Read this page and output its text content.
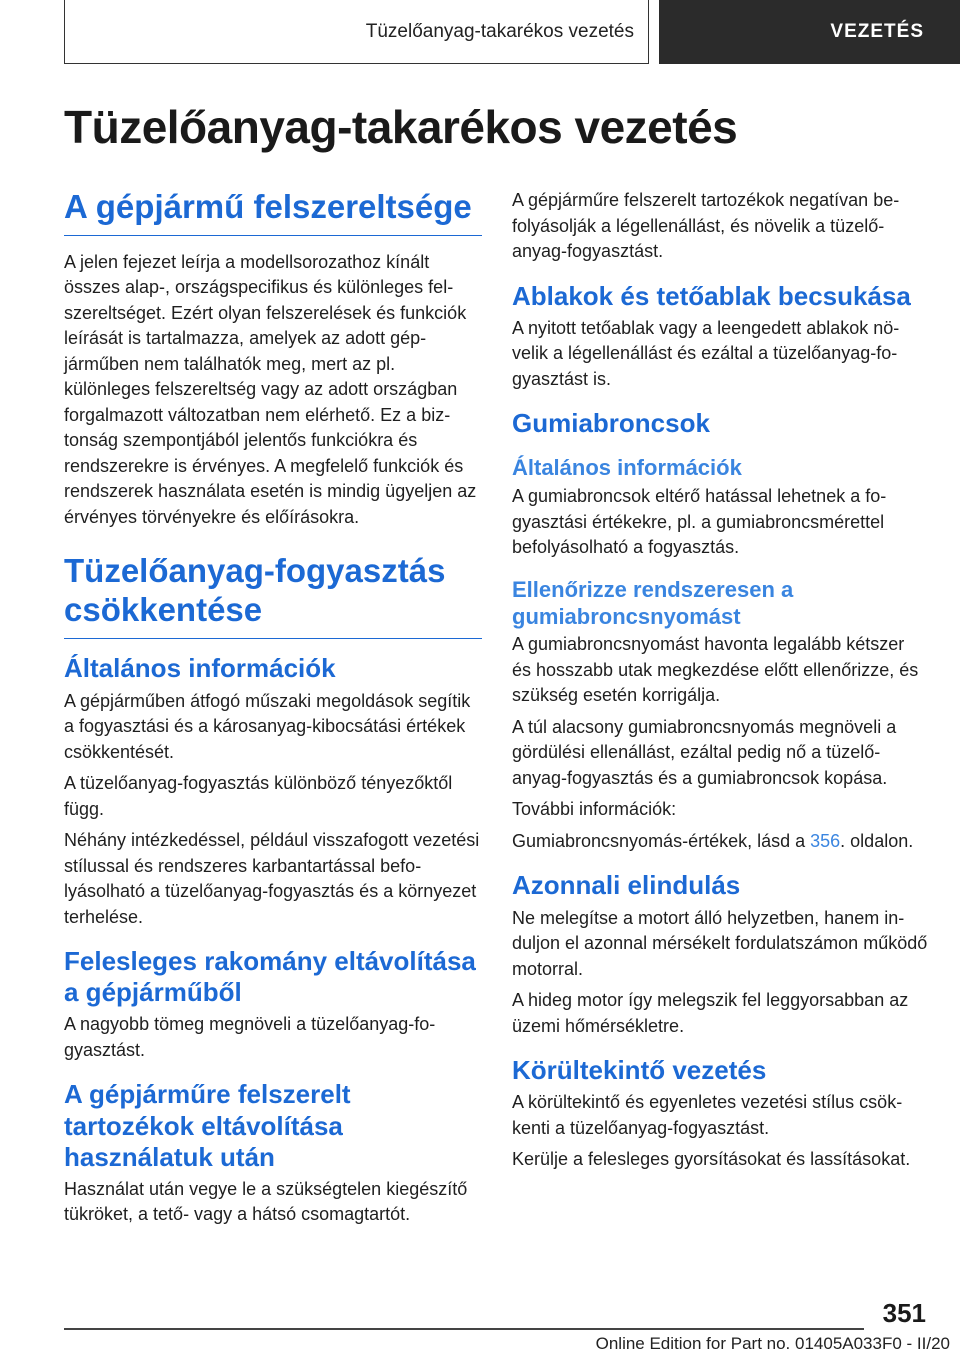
Tüzelőanyag-takarékos vezetés	VEZETÉS
Tüzelőanyag-takarékos vezetés
A gépjármű felszereltsége

A jelen fejezet leírja a modellsorozathoz kínált összes alap-, országspecifikus és különleges felszereltséget. Ezért olyan felszerelések és funkciók leírását is tartalmazza, amelyek az adott gépjárműben nem találhatók meg, mert az pl. különleges felszereltség vagy az adott országban forgalmazott változatban nem elérhető. Ez a biztonság szempontjából jelentős funkciókra és rendszerekre is érvényes. A megfelelő funkciók és rendszerek használata esetén is mindig ügyeljen az érvényes törvényekre és előírásokra.

Tüzelőanyag-fogyasztás csökkentése
Általános információk

A gépjárműben átfogó műszaki megoldások segítik a fogyasztási és a károsanyag-kibocsátási értékek csökkentését.

A tüzelőanyag-fogyasztás különböző tényezőktől függ.

Néhány intézkedéssel, például visszafogott vezetési stílussal és rendszeres karbantartással befolyásolható a tüzelőanyag-fogyasztás és a környezet terhelése.

Felesleges rakomány eltávolítása a gépjárműből

A nagyobb tömeg megnöveli a tüzelőanyag-fogyasztást.

A gépjárműre felszerelt tartozékok eltávolítása használatuk után

Használat után vegye le a szükségtelen kiegészítő tükröket, a tető- vagy a hátsó csomagtartót.

A gépjárműre felszerelt tartozékok negatívan befolyásolják a légellenállást, és növelik a tüzelőanyag-fogyasztást.

Ablakok és tetőablak becsukása

A nyitott tetőablak vagy a leengedett ablakok növelik a légellenállást és ezáltal a tüzelőanyag-fogyasztást is.

Gumiabroncsok
Általános információk

A gumiabroncsok eltérő hatással lehetnek a fogyasztási értékekre, pl. a gumiabroncsmérettel befolyásolható a fogyasztás.

Ellenőrizze rendszeresen a gumiabroncsnyomást

A gumiabroncsnyomást havonta legalább kétszer és hosszabb utak megkezdése előtt ellenőrizze, és szükség esetén korrigálja.

A túl alacsony gumiabroncsnyomás megnöveli a gördülési ellenállást, ezáltal pedig nő a tüzelőanyag-fogyasztás és a gumiabroncsok kopása.

További információk:

Gumiabroncsnyomás-értékek, lásd a 356. oldalon.

Azonnali elindulás

Ne melegítse a motort álló helyzetben, hanem induljon el azonnal mérsékelt fordulatszámon működő motorral.

A hideg motor így melegszik fel leggyorsabban az üzemi hőmérsékletre.

Körültekintő vezetés

A körültekintő és egyenletes vezetési stílus csökkenti a tüzelőanyag-fogyasztást.

Kerülje a felesleges gyorsításokat és lassításokat.

351
Online Edition for Part no. 01405A033F0 - II/20
